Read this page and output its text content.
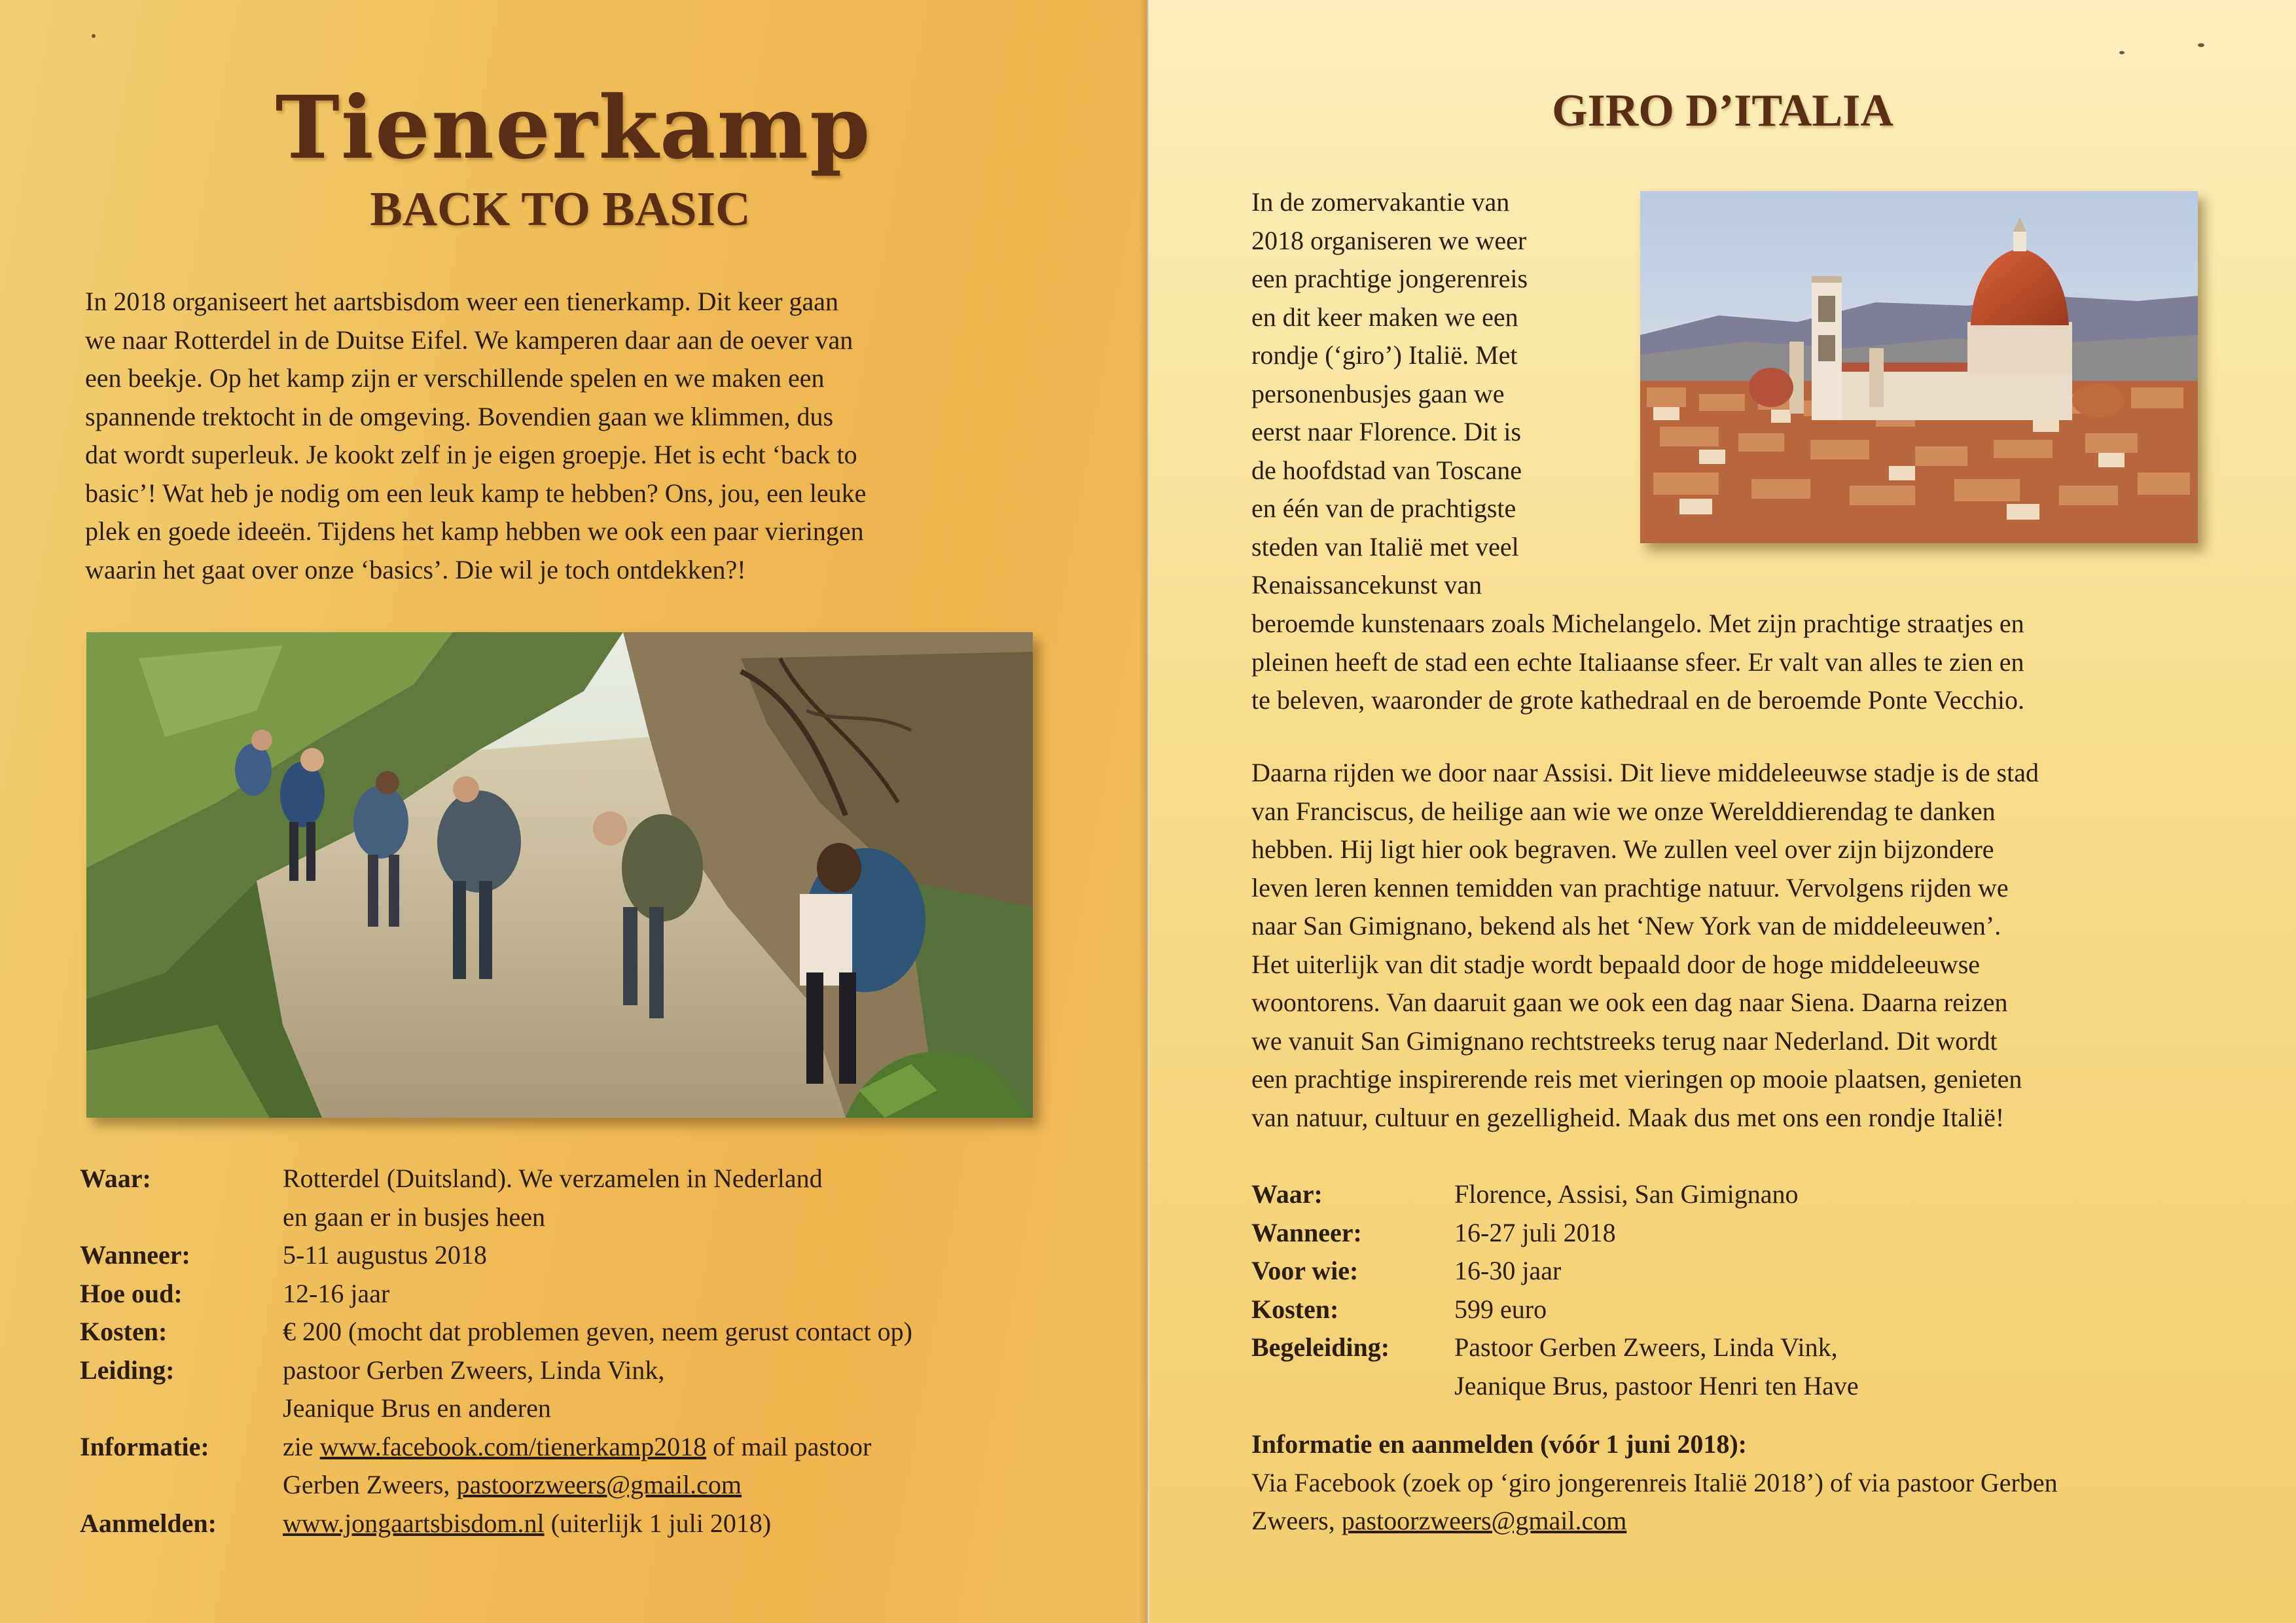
Tienerkamp
BACK TO BASIC
In 2018 organiseert het aartsbisdom weer een tienerkamp. Dit keer gaan
we naar Rotterdel in de Duitse Eifel. We kamperen daar aan de oever van
een beekje. Op het kamp zijn er verschillende spelen en we maken een
spannende trektocht in de omgeving. Bovendien gaan we klimmen, dus
dat wordt superleuk. Je kookt zelf in je eigen groepje. Het is echt ‘back to
basic’! Wat heb je nodig om een leuk kamp te hebben? Ons, jou, een leuke
plek en goede ideeën. Tijdens het kamp hebben we ook een paar vieringen
waarin het gaat over onze ‘basics’. Die wil je toch ontdekken?!
Waar:	Rotterdel (Duitsland). We verzamelen in Nederland
en gaan er in busjes heen
Wanneer:	5-11 augustus 2018
Hoe oud:	12-16 jaar
Kosten:	€ 200 (mocht dat problemen geven, neem gerust contact op)
Leiding:	pastoor Gerben Zweers, Linda Vink,
Jeanique Brus en anderen
Informatie:	zie www.facebook.com/tienerkamp2018 of mail pastoor
Gerben Zweers, pastoorzweers@gmail.com
Aanmelden:	www.jongaartsbisdom.nl (uiterlijk 1 juli 2018)
GIRO D’ITALIA
In de zomervakantie van
2018 organiseren we weer
een prachtige jongerenreis
en dit keer maken we een
rondje (‘giro’) Italië. Met
personenbusjes gaan we
eerst naar Florence. Dit is
de hoofdstad van Toscane
en één van de prachtigste
steden van Italië met veel
Renaissancekunst van
beroemde kunstenaars zoals Michelangelo. Met zijn prachtige straatjes en
pleinen heeft de stad een echte Italiaanse sfeer. Er valt van alles te zien en
te beleven, waaronder de grote kathedraal en de beroemde Ponte Vecchio.
Daarna rijden we door naar Assisi. Dit lieve middeleeuwse stadje is de stad
van Franciscus, de heilige aan wie we onze Werelddierendag te danken
hebben. Hij ligt hier ook begraven. We zullen veel over zijn bijzondere
leven leren kennen temidden van prachtige natuur. Vervolgens rijden we
naar San Gimignano, bekend als het ‘New York van de middeleeuwen’.
Het uiterlijk van dit stadje wordt bepaald door de hoge middeleeuwse
woontorens. Van daaruit gaan we ook een dag naar Siena. Daarna reizen
we vanuit San Gimignano rechtstreeks terug naar Nederland. Dit wordt
een prachtige inspirerende reis met vieringen op mooie plaatsen, genieten
van natuur, cultuur en gezelligheid. Maak dus met ons een rondje Italië!
Waar:	Florence, Assisi, San Gimignano
Wanneer:	16-27 juli 2018
Voor wie:	16-30 jaar
Kosten:	599 euro
Begeleiding:	Pastoor Gerben Zweers, Linda Vink,
Jeanique Brus, pastoor Henri ten Have
Informatie en aanmelden (vóór 1 juni 2018):
Via Facebook (zoek op ‘giro jongerenreis Italië 2018’) of via pastoor Gerben
Zweers, pastoorzweers@gmail.com
